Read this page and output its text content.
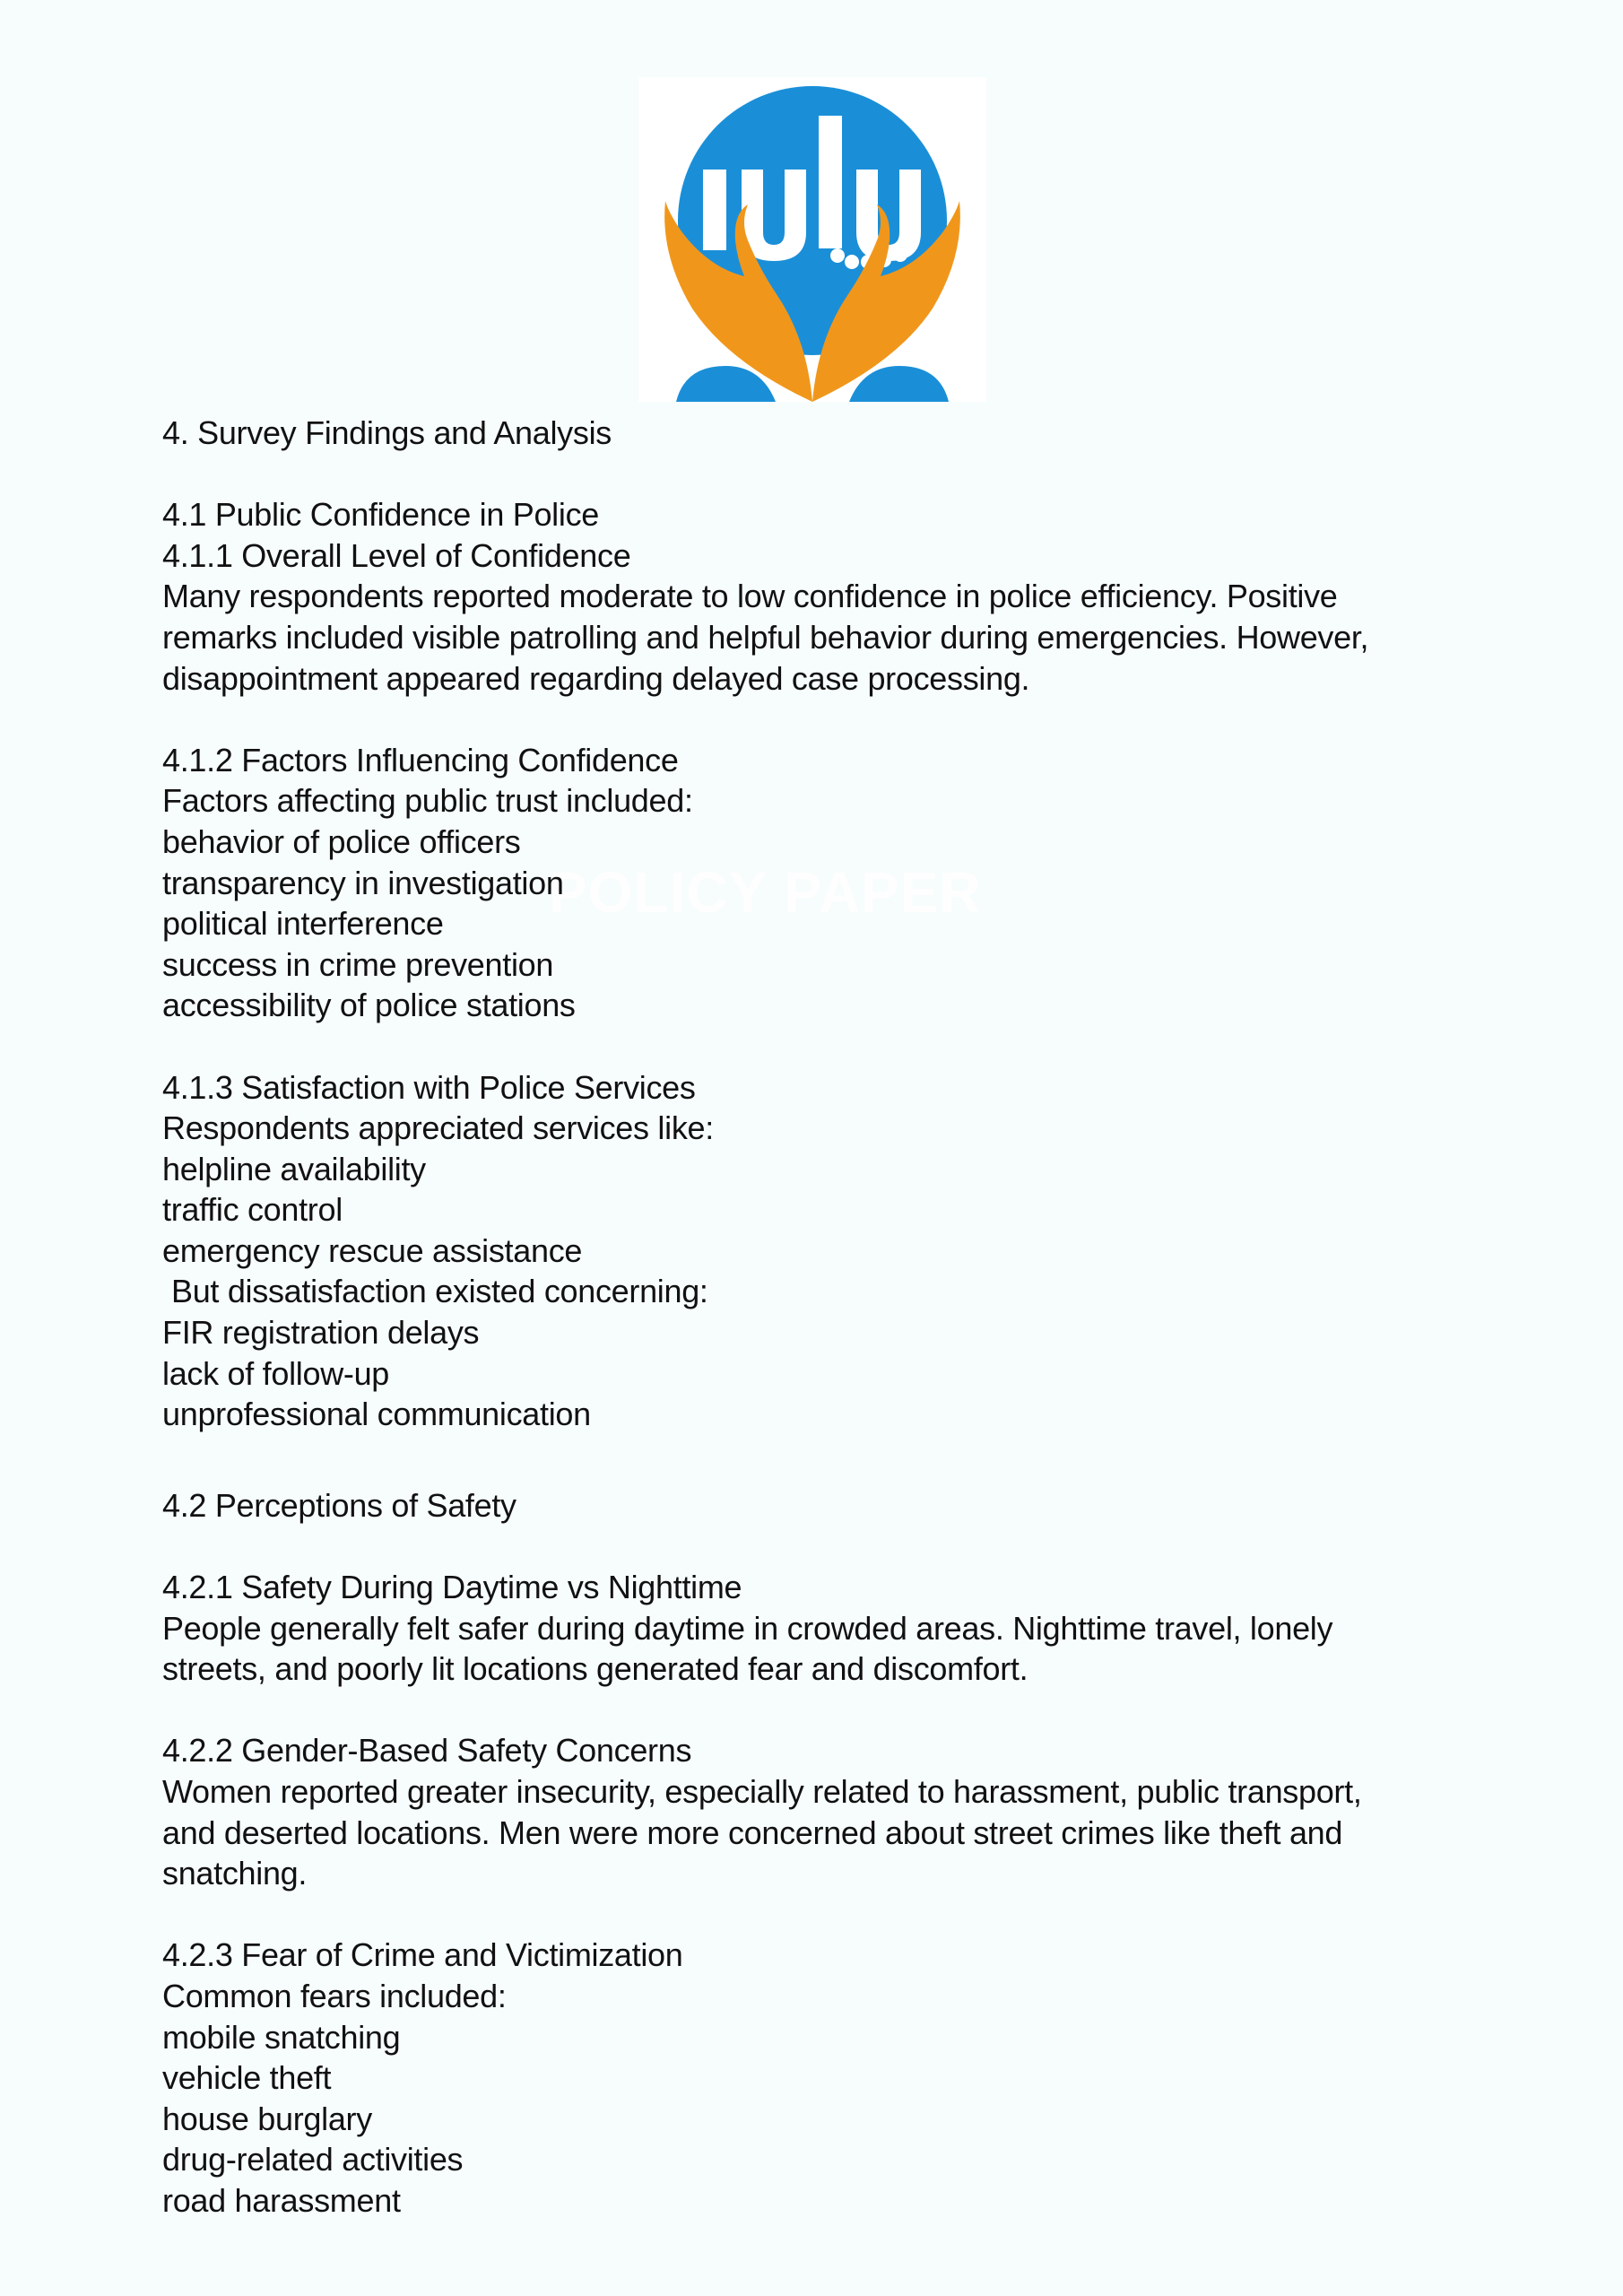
POLICY PAPER
4. Survey Findings and Analysis
4.1 Public Confidence in Police
4.1.1 Overall Level of Confidence
Many respondents reported moderate to low confidence in police efficiency. Positive
remarks included visible patrolling and helpful behavior during emergencies. However,
disappointment appeared regarding delayed case processing.
4.1.2 Factors Influencing Confidence
Factors affecting public trust included:
behavior of police officers
transparency in investigation
political interference
success in crime prevention
accessibility of police stations
4.1.3 Satisfaction with Police Services
Respondents appreciated services like:
helpline availability
traffic control
emergency rescue assistance
But dissatisfaction existed concerning:
FIR registration delays
lack of follow-up
unprofessional communication
4.2 Perceptions of Safety
4.2.1 Safety During Daytime vs Nighttime
People generally felt safer during daytime in crowded areas. Nighttime travel, lonely
streets, and poorly lit locations generated fear and discomfort.
4.2.2 Gender-Based Safety Concerns
Women reported greater insecurity, especially related to harassment, public transport,
and deserted locations. Men were more concerned about street crimes like theft and
snatching.
4.2.3 Fear of Crime and Victimization
Common fears included:
mobile snatching
vehicle theft
house burglary
drug-related activities
road harassment
